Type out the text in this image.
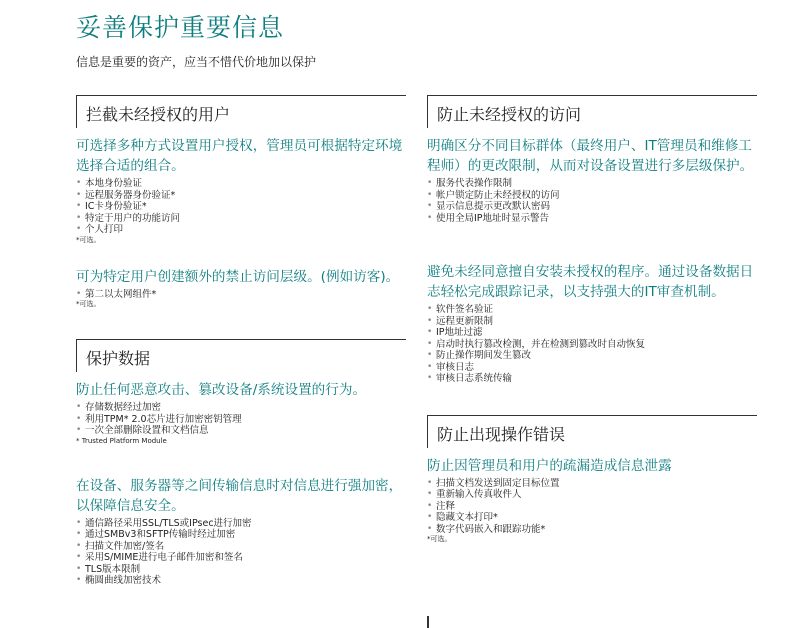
妥善保护重要信息
信息是重要的资产，应当不惜代价地加以保护
拦截未经授权的用户
可选择多种方式设置用户授权，管理员可根据特定环境选择合适的组合。
• 本地身份验证
• 远程服务器身份验证*
• IC卡身份验证*
• 特定于用户的功能访问
• 个人打印
*可选。
可为特定用户创建额外的禁止访问层级。(例如访客)。
• 第二以太网组件*
*可选。
保护数据
防止任何恶意攻击、篡改设备/系统设置的行为。
• 存储数据经过加密
• 利用TPM* 2.0芯片进行加密密钥管理
• 一次全部删除设置和文档信息
* Trusted Platform Module
在设备、服务器等之间传输信息时对信息进行强加密，以保障信息安全。
• 通信路径采用SSL/TLS或IPsec进行加密
• 通过SMBv3和SFTP传输时经过加密
• 扫描文件加密/签名
• 采用S/MIME进行电子邮件加密和签名
• TLS版本限制
• 椭圆曲线加密技术
防止未经授权的访问
明确区分不同目标群体（最终用户、IT管理员和维修工程师）的更改限制，从而对设备设置进行多层级保护。
• 服务代表操作限制
• 帐户锁定防止未经授权的访问
• 显示信息提示更改默认密码
• 使用全局IP地址时显示警告
避免未经同意擅自安装未授权的程序。通过设备数据日志轻松完成跟踪记录，以支持强大的IT审查机制。
• 软件签名验证
• 远程更新限制
• IP地址过滤
• 启动时执行篡改检测，并在检测到篡改时自动恢复
• 防止操作期间发生篡改
• 审核日志
• 审核日志系统传输
防止出现操作错误
防止因管理员和用户的疏漏造成信息泄露
• 扫描文档发送到固定目标位置
• 重新输入传真收件人
• 注释
• 隐藏文本打印*
• 数字代码嵌入和跟踪功能*
*可选。
